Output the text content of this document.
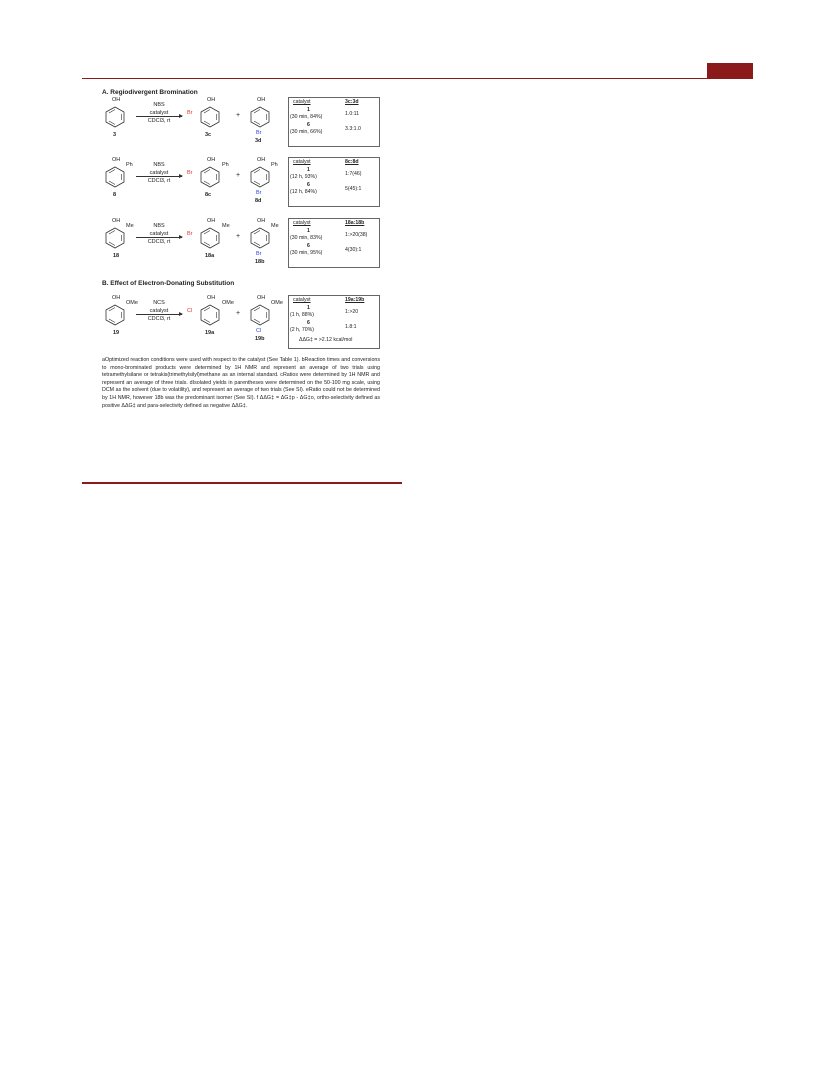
A. Regiodivergent Bromination
B. Effect of Electron-Donating Substitution
OH
3
NBS
catalyst
CDCl3, rt
OH
Br
3c
+
OH
Br
3d
catalyst	3c:3d
1
(30 min, 84%)	1.0:11
6
(30 min, 66%)	3.3:1.0
OH
Ph
8
NBS
catalyst
CDCl3, rt
OH
Br
Ph
8c
+
OH
Ph
Br
8d
catalyst	8c:8d
1
(12 h, 93%)	1:7(46)
6
(12 h, 84%)	5(45):1
OH
Me
18
NBS
catalyst
CDCl3, rt
OH
Br
Me
18a
+
OH
Me
Br
18b
catalyst	18a:18b
1
(30 min, 83%)	1:>20(38)
6
(30 min, 95%)	4(30):1
OH
OMe
19
NCS
catalyst
CDCl3, rt
OH
Cl
OMe
19a
+
OH
OMe
Cl
19b
catalyst	19a:19b
1
(1 h, 88%)	1:>20
6
(2 h, 70%)	1.8:1
ΔΔG‡ = >2.12 kcal/mol
aOptimized reaction conditions were used with respect to the catalyst (See Table 1). bReaction times and conversions to mono-brominated products were determined by 1H NMR and represent an average of two trials using tetramethylsilane or tetrakis(trimethylsilyl)methane as an internal standard. cRatios were determined by 1H NMR and represent an average of three trials. dIsolated yields in parentheses were determined on the 50-100 mg scale, using DCM as the solvent (due to volatility), and represent an average of two trials (See SI). eRatio could not be determined by 1H NMR, however 18b was the predominant isomer (See SI). f ΔΔG‡ = ΔG‡p - ΔG‡o, ortho-selectivity defined as positive ΔΔG‡ and para-selectivity defined as negative ΔΔG‡.
